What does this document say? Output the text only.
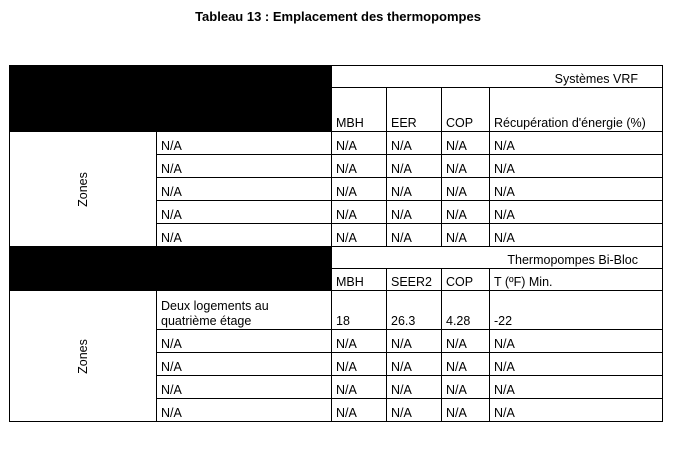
Tableau 13 : Emplacement des thermopompes
		Systèmes VRF			
		MBH	EER	COP	Récupération d'énergie (%)
Zones	N/A	N/A	N/A	N/A	N/A
	N/A	N/A	N/A	N/A	N/A
	N/A	N/A	N/A	N/A	N/A
	N/A	N/A	N/A	N/A	N/A
	N/A	N/A	N/A	N/A	N/A
		Thermopompes Bi-Bloc			
		MBH	SEER2	COP	T (ºF) Min.
Zones	Deux logements au quatrième étage	18	26.3	4.28	-22
	N/A	N/A	N/A	N/A	N/A
	N/A	N/A	N/A	N/A	N/A
	N/A	N/A	N/A	N/A	N/A
	N/A	N/A	N/A	N/A	N/A
